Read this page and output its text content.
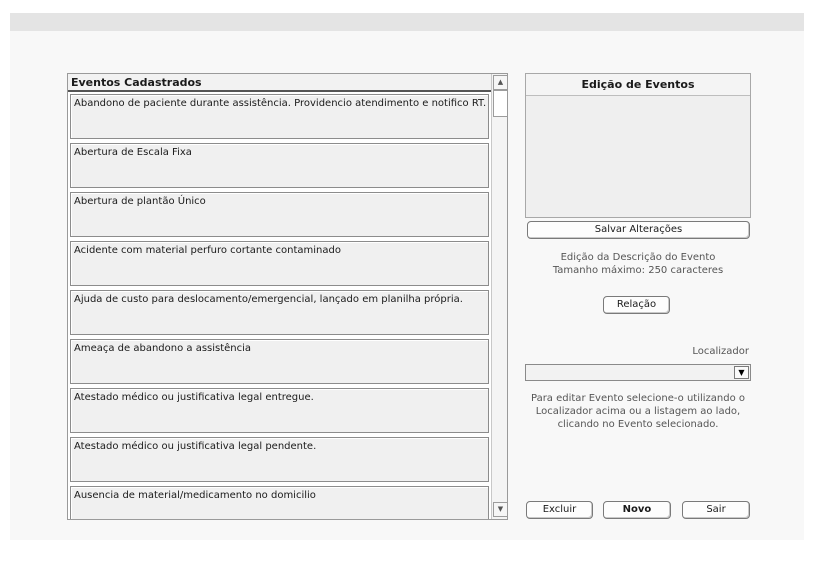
Eventos Cadastrados
Abandono de paciente durante assistência. Providencio atendimento e notifico RT.
Abertura de Escala Fixa
Abertura de plantão Único
Acidente com material perfuro cortante contaminado
Ajuda de custo para deslocamento/emergencial, lançado em planilha própria.
Ameaça de abandono a assistência
Atestado médico ou justificativa legal entregue.
Atestado médico ou justificativa legal pendente.
Ausencia de material/medicamento no domicilio
▲
▼
Edição de Eventos
Salvar Alterações
Edição da Descrição do Evento
Tamanho máximo: 250 caracteres
Relação
Localizador
▼
Para editar Evento selecione-o utilizando o
Localizador acima ou a listagem ao lado,
clicando no Evento selecionado.
Excluir	Novo	Sair
